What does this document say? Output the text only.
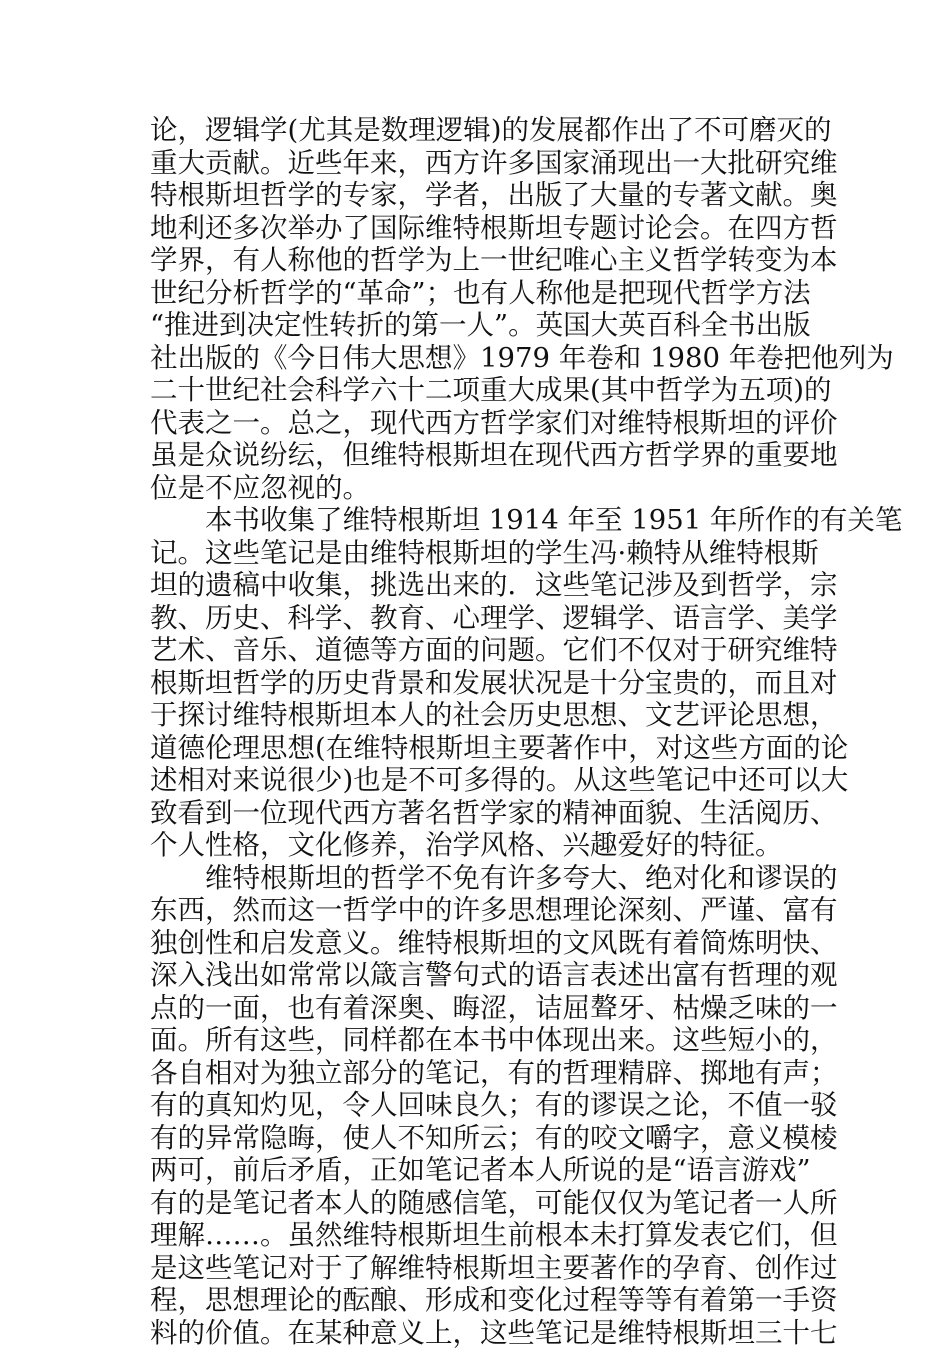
论，逻辑学(尤其是数理逻辑)的发展都作出了不可磨灭的
重大贡献。近些年来，西方许多国家涌现出一大批研究维
特根斯坦哲学的专家，学者，出版了大量的专著文献。奥
地利还多次举办了国际维特根斯坦专题讨论会。在四方哲
学界，有人称他的哲学为上一世纪唯心主义哲学转变为本
世纪分析哲学的“革命”；也有人称他是把现代哲学方法
“推进到决定性转折的第一人”。英国大英百科全书出版
社出版的《今日伟大思想》1979 年卷和 1980 年卷把他列为
二十世纪社会科学六十二项重大成果(其中哲学为五项)的
代表之一。总之，现代西方哲学家们对维特根斯坦的评价
虽是众说纷纭，但维特根斯坦在现代西方哲学界的重要地
位是不应忽视的。
本书收集了维特根斯坦 1914 年至 1951 年所作的有关笔
记。这些笔记是由维特根斯坦的学生冯·赖特从维特根斯
坦的遗稿中收集，挑选出来的．这些笔记涉及到哲学，宗
教、历史、科学、教育、心理学、逻辑学、语言学、美学
艺术、音乐、道德等方面的问题。它们不仅对于研究维特
根斯坦哲学的历史背景和发展状况是十分宝贵的，而且对
于探讨维特根斯坦本人的社会历史思想、文艺评论思想，
道德伦理思想(在维特根斯坦主要著作中，对这些方面的论
述相对来说很少)也是不可多得的。从这些笔记中还可以大
致看到一位现代西方著名哲学家的精神面貌、生活阅历、
个人性格，文化修养，治学风格、兴趣爱好的特征。
维特根斯坦的哲学不免有许多夸大、绝对化和谬误的
东西，然而这一哲学中的许多思想理论深刻、严谨、富有
独创性和启发意义。维特根斯坦的文风既有着简炼明快、
深入浅出如常常以箴言警句式的语言表述出富有哲理的观
点的一面，也有着深奥、晦涩，诘屈聱牙、枯燥乏味的一
面。所有这些，同样都在本书中体现出来。这些短小的，
各自相对为独立部分的笔记，有的哲理精辟、掷地有声；
有的真知灼见，令人回味良久；有的谬误之论，不值一驳
有的异常隐晦，使人不知所云；有的咬文嚼字，意义模棱
两可，前后矛盾，正如笔记者本人所说的是“语言游戏”
有的是笔记者本人的随感信笔，可能仅仅为笔记者一人所
理解……。虽然维特根斯坦生前根本未打算发表它们，但
是这些笔记对于了解维特根斯坦主要著作的孕育、创作过
程，思想理论的酝酿、形成和变化过程等等有着第一手资
料的价值。在某种意义上，这些笔记是维特根斯坦三十七
